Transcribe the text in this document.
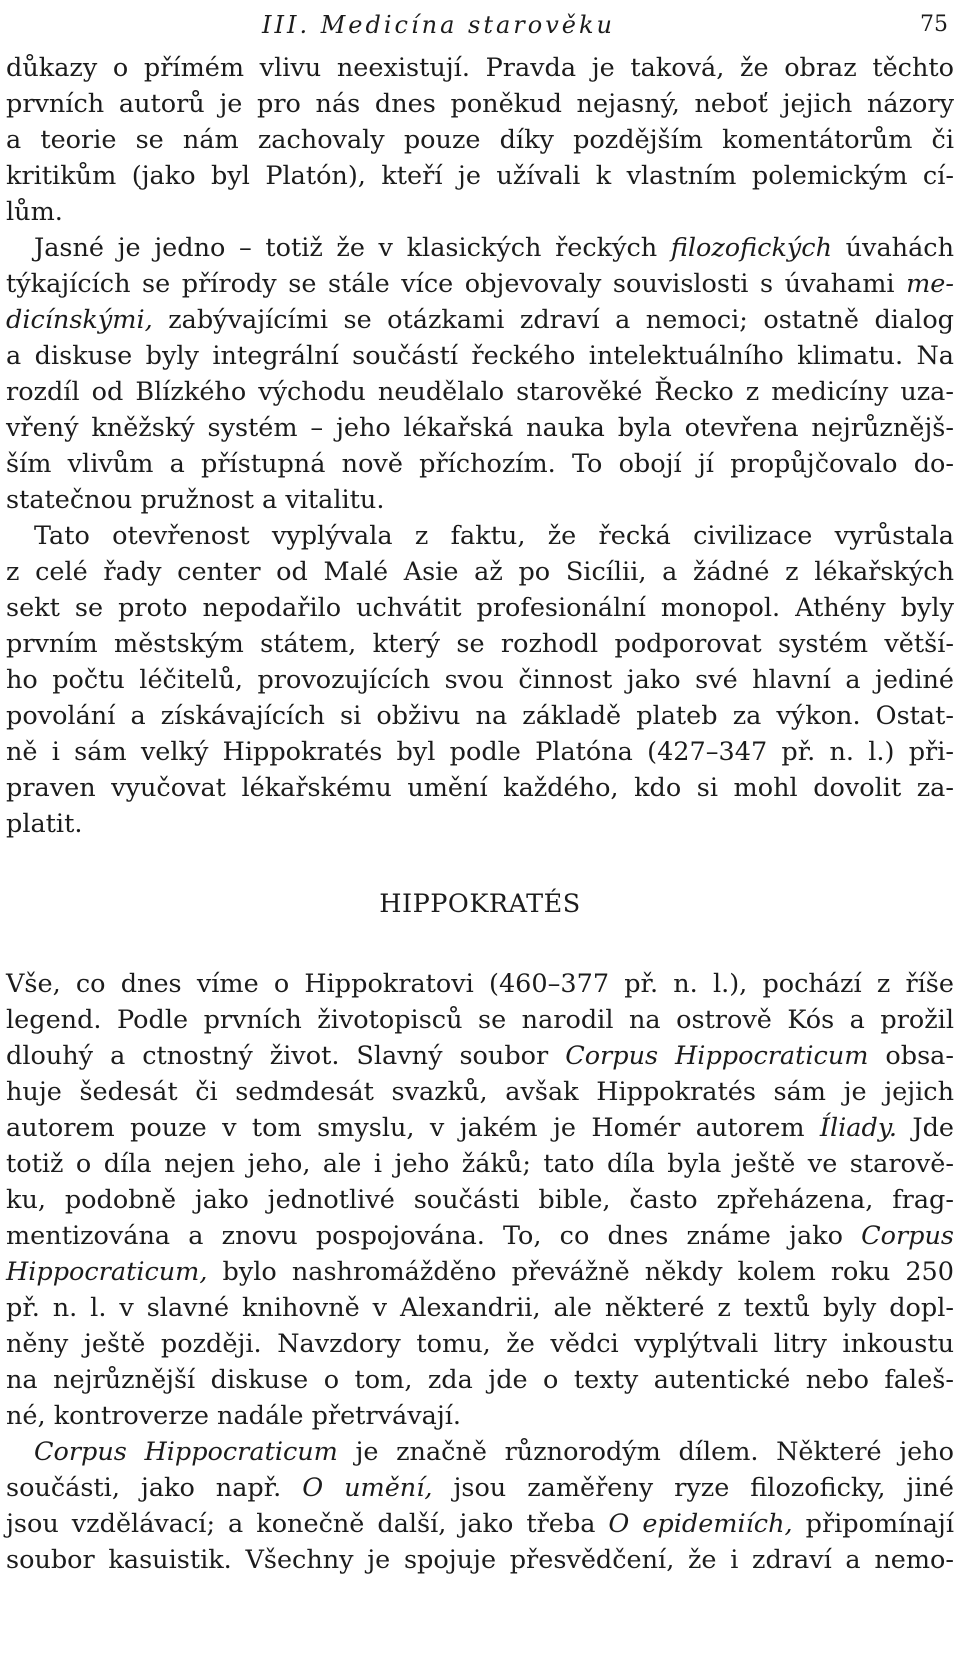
III. Medicína starověku	75
důkazy o přímém vlivu neexistují. Pravda je taková, že obraz těchto
prvních autorů je pro nás dnes poněkud nejasný, neboť jejich názory
a teorie se nám zachovaly pouze díky pozdějším komentátorům či
kritikům (jako byl Platón), kteří je užívali k vlastním polemickým cí-
lům.
Jasné je jedno – totiž že v klasických řeckých filozofických úvahách
týkajících se přírody se stále více objevovaly souvislosti s úvahami me-
dicínskými, zabývajícími se otázkami zdraví a nemoci; ostatně dialog
a diskuse byly integrální součástí řeckého intelektuálního klimatu. Na
rozdíl od Blízkého východu neudělalo starověké Řecko z medicíny uza-
vřený kněžský systém – jeho lékařská nauka byla otevřena nejrůznějš-
ším vlivům a přístupná nově příchozím. To obojí jí propůjčovalo do-
statečnou pružnost a vitalitu.
Tato otevřenost vyplývala z faktu, že řecká civilizace vyrůstala
z celé řady center od Malé Asie až po Sicílii, a žádné z lékařských
sekt se proto nepodařilo uchvátit profesionální monopol. Athény byly
prvním městským státem, který se rozhodl podporovat systém větší-
ho počtu léčitelů, provozujících svou činnost jako své hlavní a jediné
povolání a získávajících si obživu na základě plateb za výkon. Ostat-
ně i sám velký Hippokratés byl podle Platóna (427–347 př. n. l.) při-
praven vyučovat lékařskému umění každého, kdo si mohl dovolit za-
platit.
HIPPOKRATÉS
Vše, co dnes víme o Hippokratovi (460–377 př. n. l.), pochází z říše
legend. Podle prvních životopisců se narodil na ostrově Kós a prožil
dlouhý a ctnostný život. Slavný soubor Corpus Hippocraticum obsa-
huje šedesát či sedmdesát svazků, avšak Hippokratés sám je jejich
autorem pouze v tom smyslu, v jakém je Homér autorem Íliady. Jde
totiž o díla nejen jeho, ale i jeho žáků; tato díla byla ještě ve starově-
ku, podobně jako jednotlivé součásti bible, často zpřeházena, frag-
mentizována a znovu pospojována. To, co dnes známe jako Corpus
Hippocraticum, bylo nashromážděno převážně někdy kolem roku 250
př. n. l. v slavné knihovně v Alexandrii, ale některé z textů byly dopl-
něny ještě později. Navzdory tomu, že vědci vyplýtvali litry inkoustu
na nejrůznější diskuse o tom, zda jde o texty autentické nebo faleš-
né, kontroverze nadále přetrvávají.
Corpus Hippocraticum je značně různorodým dílem. Některé jeho
součásti, jako např. O umění, jsou zaměřeny ryze filozoficky, jiné
jsou vzdělávací; a konečně další, jako třeba O epidemiích, připomínají
soubor kasuistik. Všechny je spojuje přesvědčení, že i zdraví a nemo-
